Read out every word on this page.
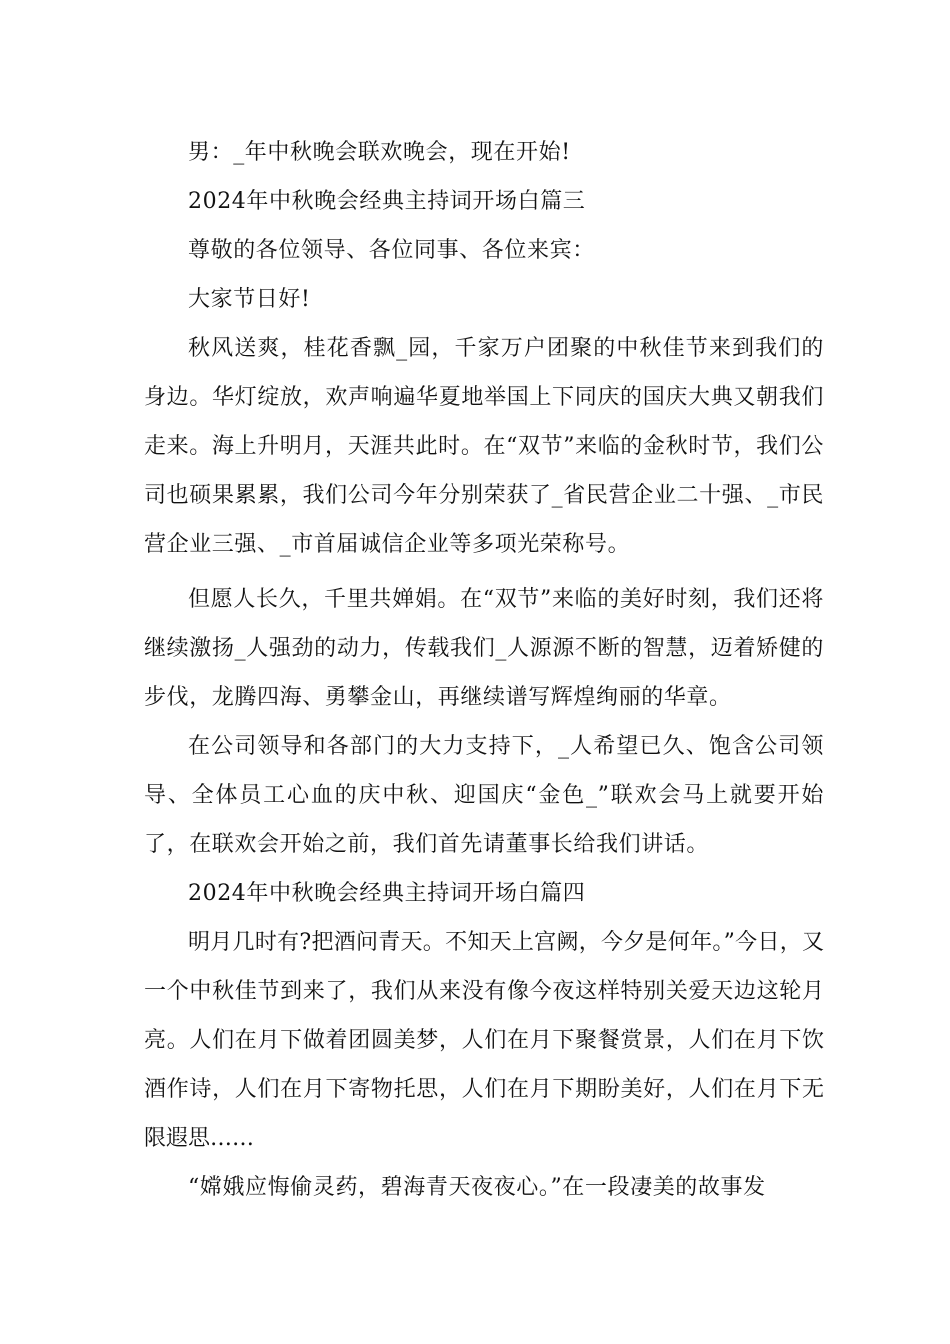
男：_年中秋晚会联欢晚会，现在开始!

2024年中秋晚会经典主持词开场白篇三

尊敬的各位领导、各位同事、各位来宾：

大家节日好!

秋风送爽，桂花香飘_园，千家万户团聚的中秋佳节来到我们的身边。华灯绽放，欢声响遍华夏地举国上下同庆的国庆大典又朝我们走来。海上升明月，天涯共此时。在“双节”来临的金秋时节，我们公司也硕果累累，我们公司今年分别荣获了_省民营企业二十强、_市民营企业三强、_市首届诚信企业等多项光荣称号。

但愿人长久，千里共婵娟。在“双节”来临的美好时刻，我们还将继续激扬_人强劲的动力，传载我们_人源源不断的智慧，迈着矫健的步伐，龙腾四海、勇攀金山，再继续谱写辉煌绚丽的华章。

在公司领导和各部门的大力支持下，_人希望已久、饱含公司领导、全体员工心血的庆中秋、迎国庆“金色_”联欢会马上就要开始了，在联欢会开始之前，我们首先请董事长给我们讲话。

2024年中秋晚会经典主持词开场白篇四

明月几时有?把酒问青天。不知天上宫阙，今夕是何年。”今日，又一个中秋佳节到来了，我们从来没有像今夜这样特别关爱天边这轮月亮。人们在月下做着团圆美梦，人们在月下聚餐赏景，人们在月下饮酒作诗，人们在月下寄物托思，人们在月下期盼美好，人们在月下无限遐思……

“嫦娥应悔偷灵药，碧海青天夜夜心。”在一段凄美的故事发
